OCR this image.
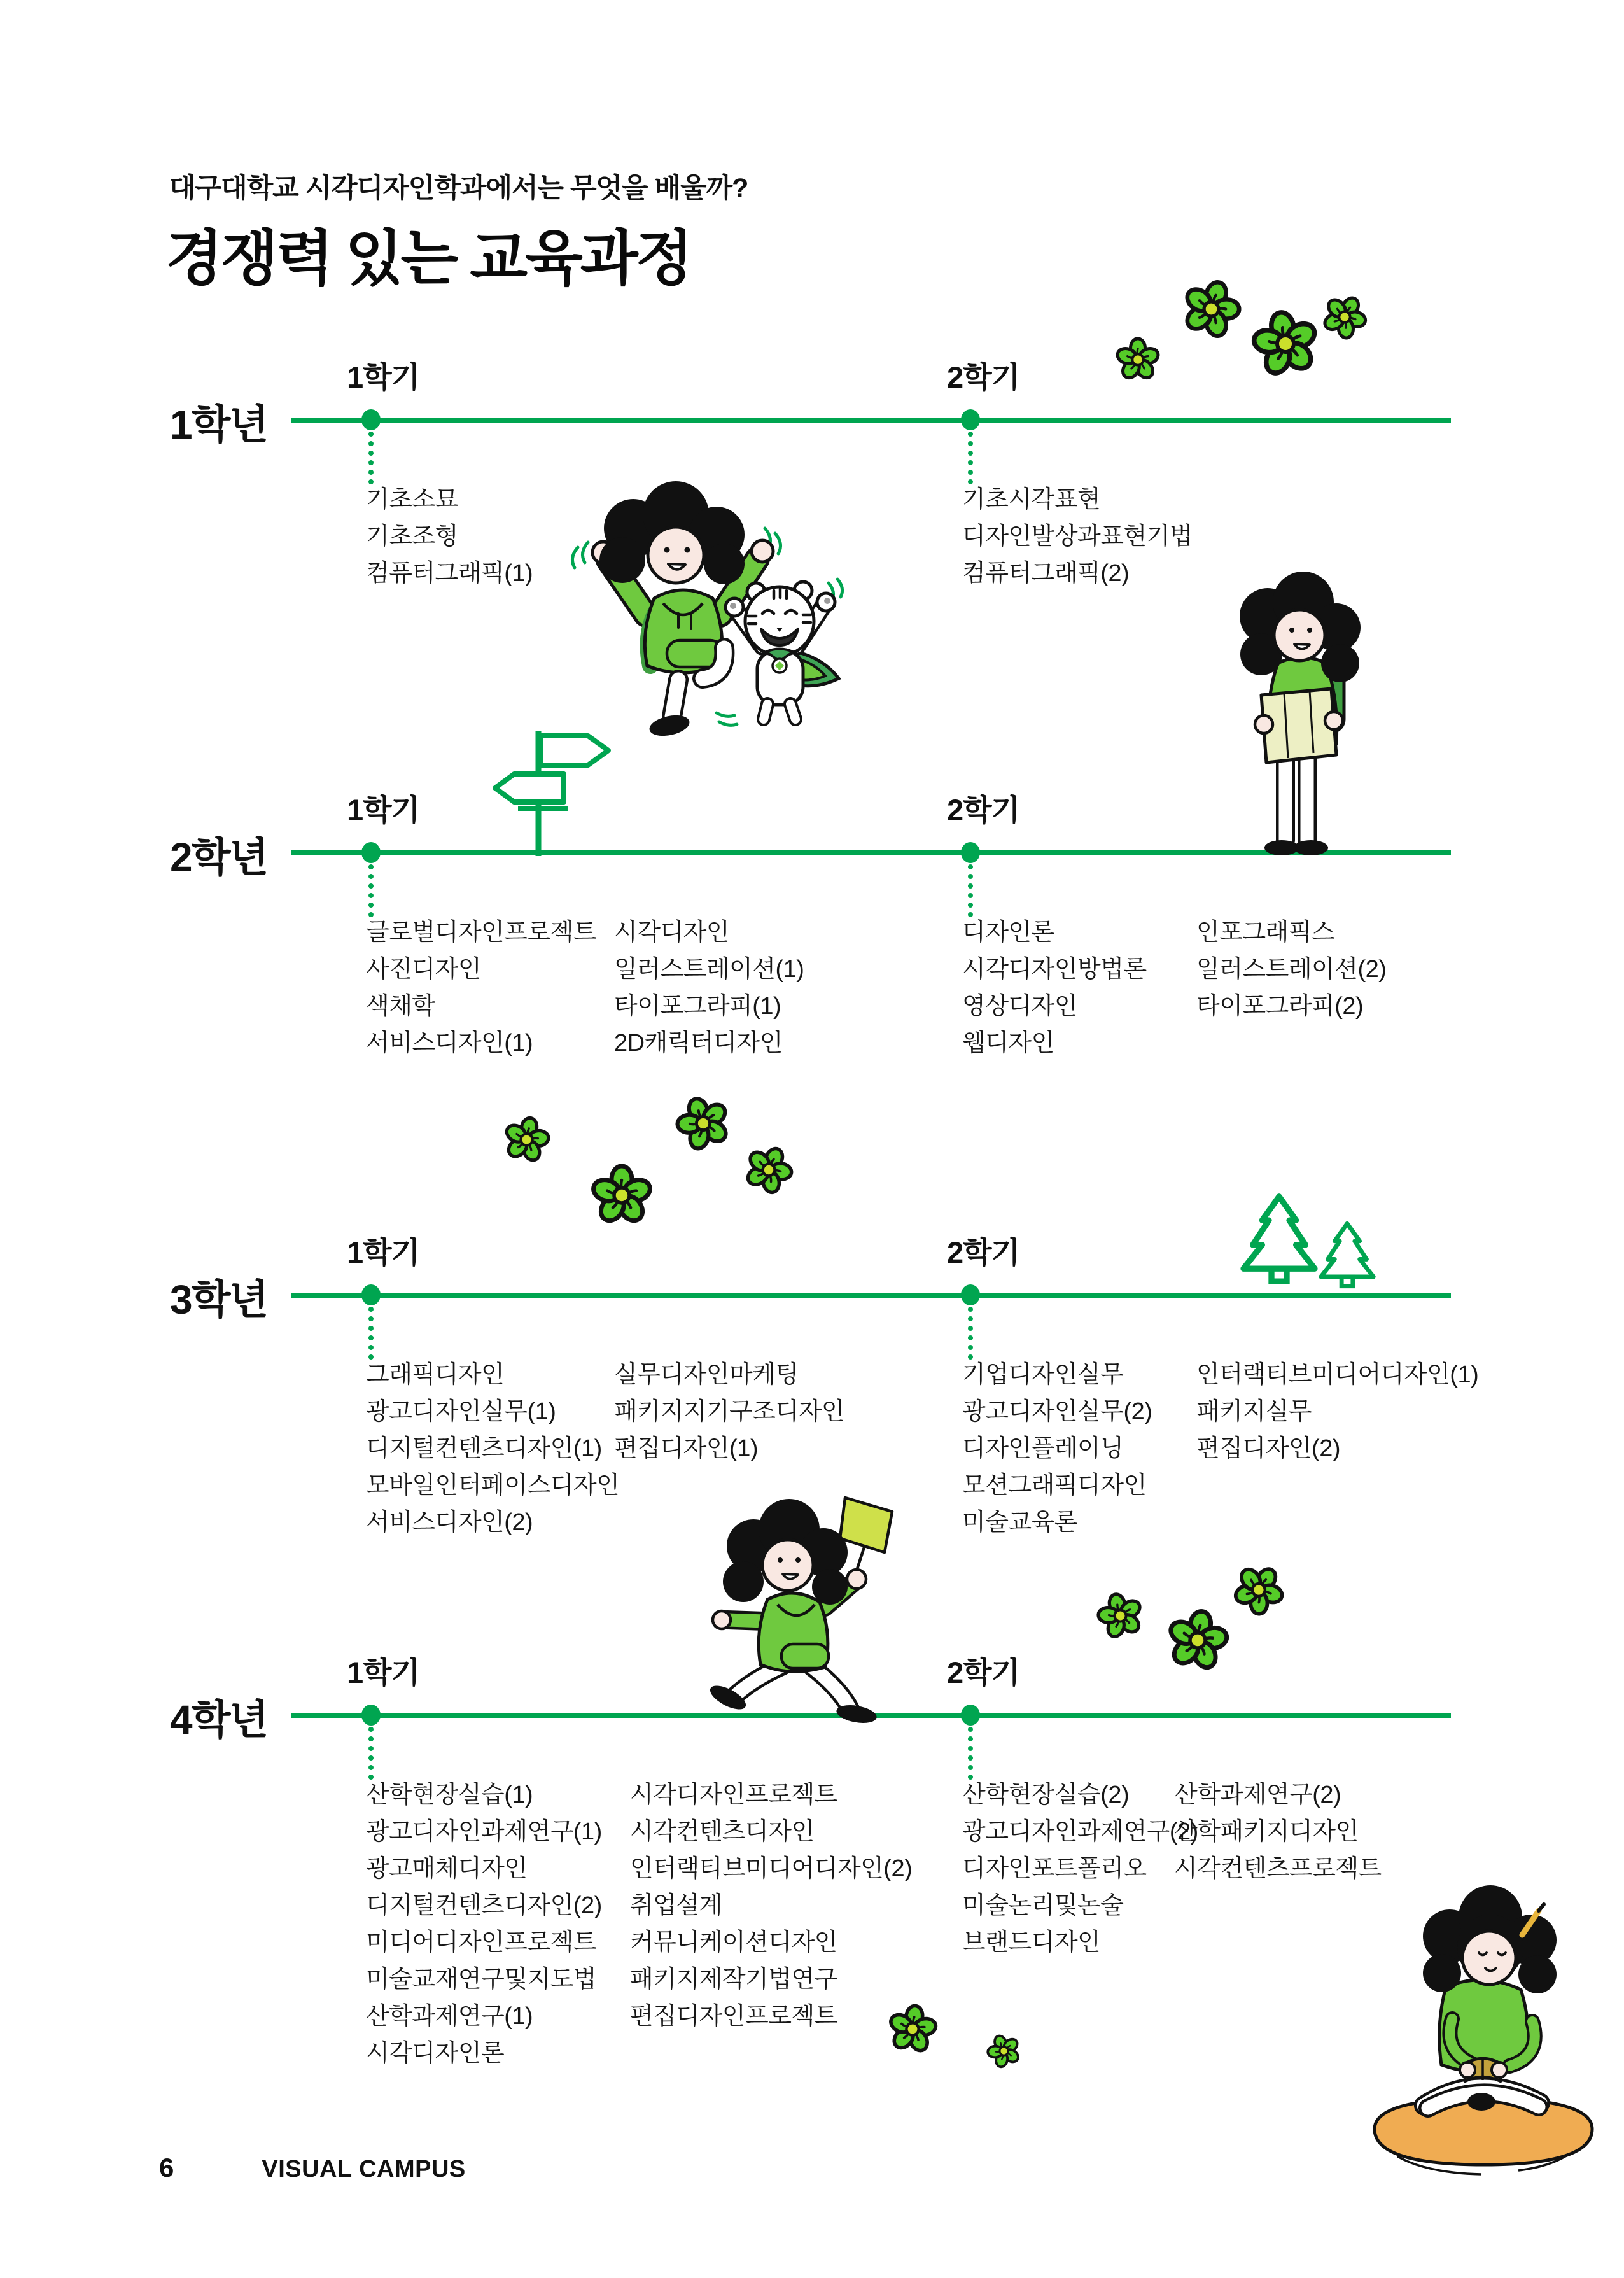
대구대학교 시각디자인학과에서는 무엇을 배울까?
경쟁력 있는 교육과정
1학년
1학기
기초소묘
기초조형
컴퓨터그래픽(1)
2학기
기초시각표현
디자인발상과표현기법
컴퓨터그래픽(2)
2학년
1학기
글로벌디자인프로젝트
사진디자인
색채학
서비스디자인(1)
시각디자인
일러스트레이션(1)
타이포그라피(1)
2D캐릭터디자인
2학기
디자인론
시각디자인방법론
영상디자인
웹디자인
인포그래픽스
일러스트레이션(2)
타이포그라피(2)
3학년
1학기
그래픽디자인
광고디자인실무(1)
디지털컨텐츠디자인(1)
모바일인터페이스디자인
서비스디자인(2)
실무디자인마케팅
패키지지기구조디자인
편집디자인(1)
2학기
기업디자인실무
광고디자인실무(2)
디자인플레이닝
모션그래픽디자인
미술교육론
인터랙티브미디어디자인(1)
패키지실무
편집디자인(2)
4학년
1학기
산학현장실습(1)
광고디자인과제연구(1)
광고매체디자인
디지털컨텐츠디자인(2)
미디어디자인프로젝트
미술교재연구및지도법
산학과제연구(1)
시각디자인론
시각디자인프로젝트
시각컨텐츠디자인
인터랙티브미디어디자인(2)
취업설계
커뮤니케이션디자인
패키지제작기법연구
편집디자인프로젝트
2학기
산학현장실습(2)
광고디자인과제연구(2)
디자인포트폴리오
미술논리및논술
브랜드디자인
산학과제연구(2)
산학패키지디자인
시각컨텐츠프로젝트
6	VISUAL CAMPUS
